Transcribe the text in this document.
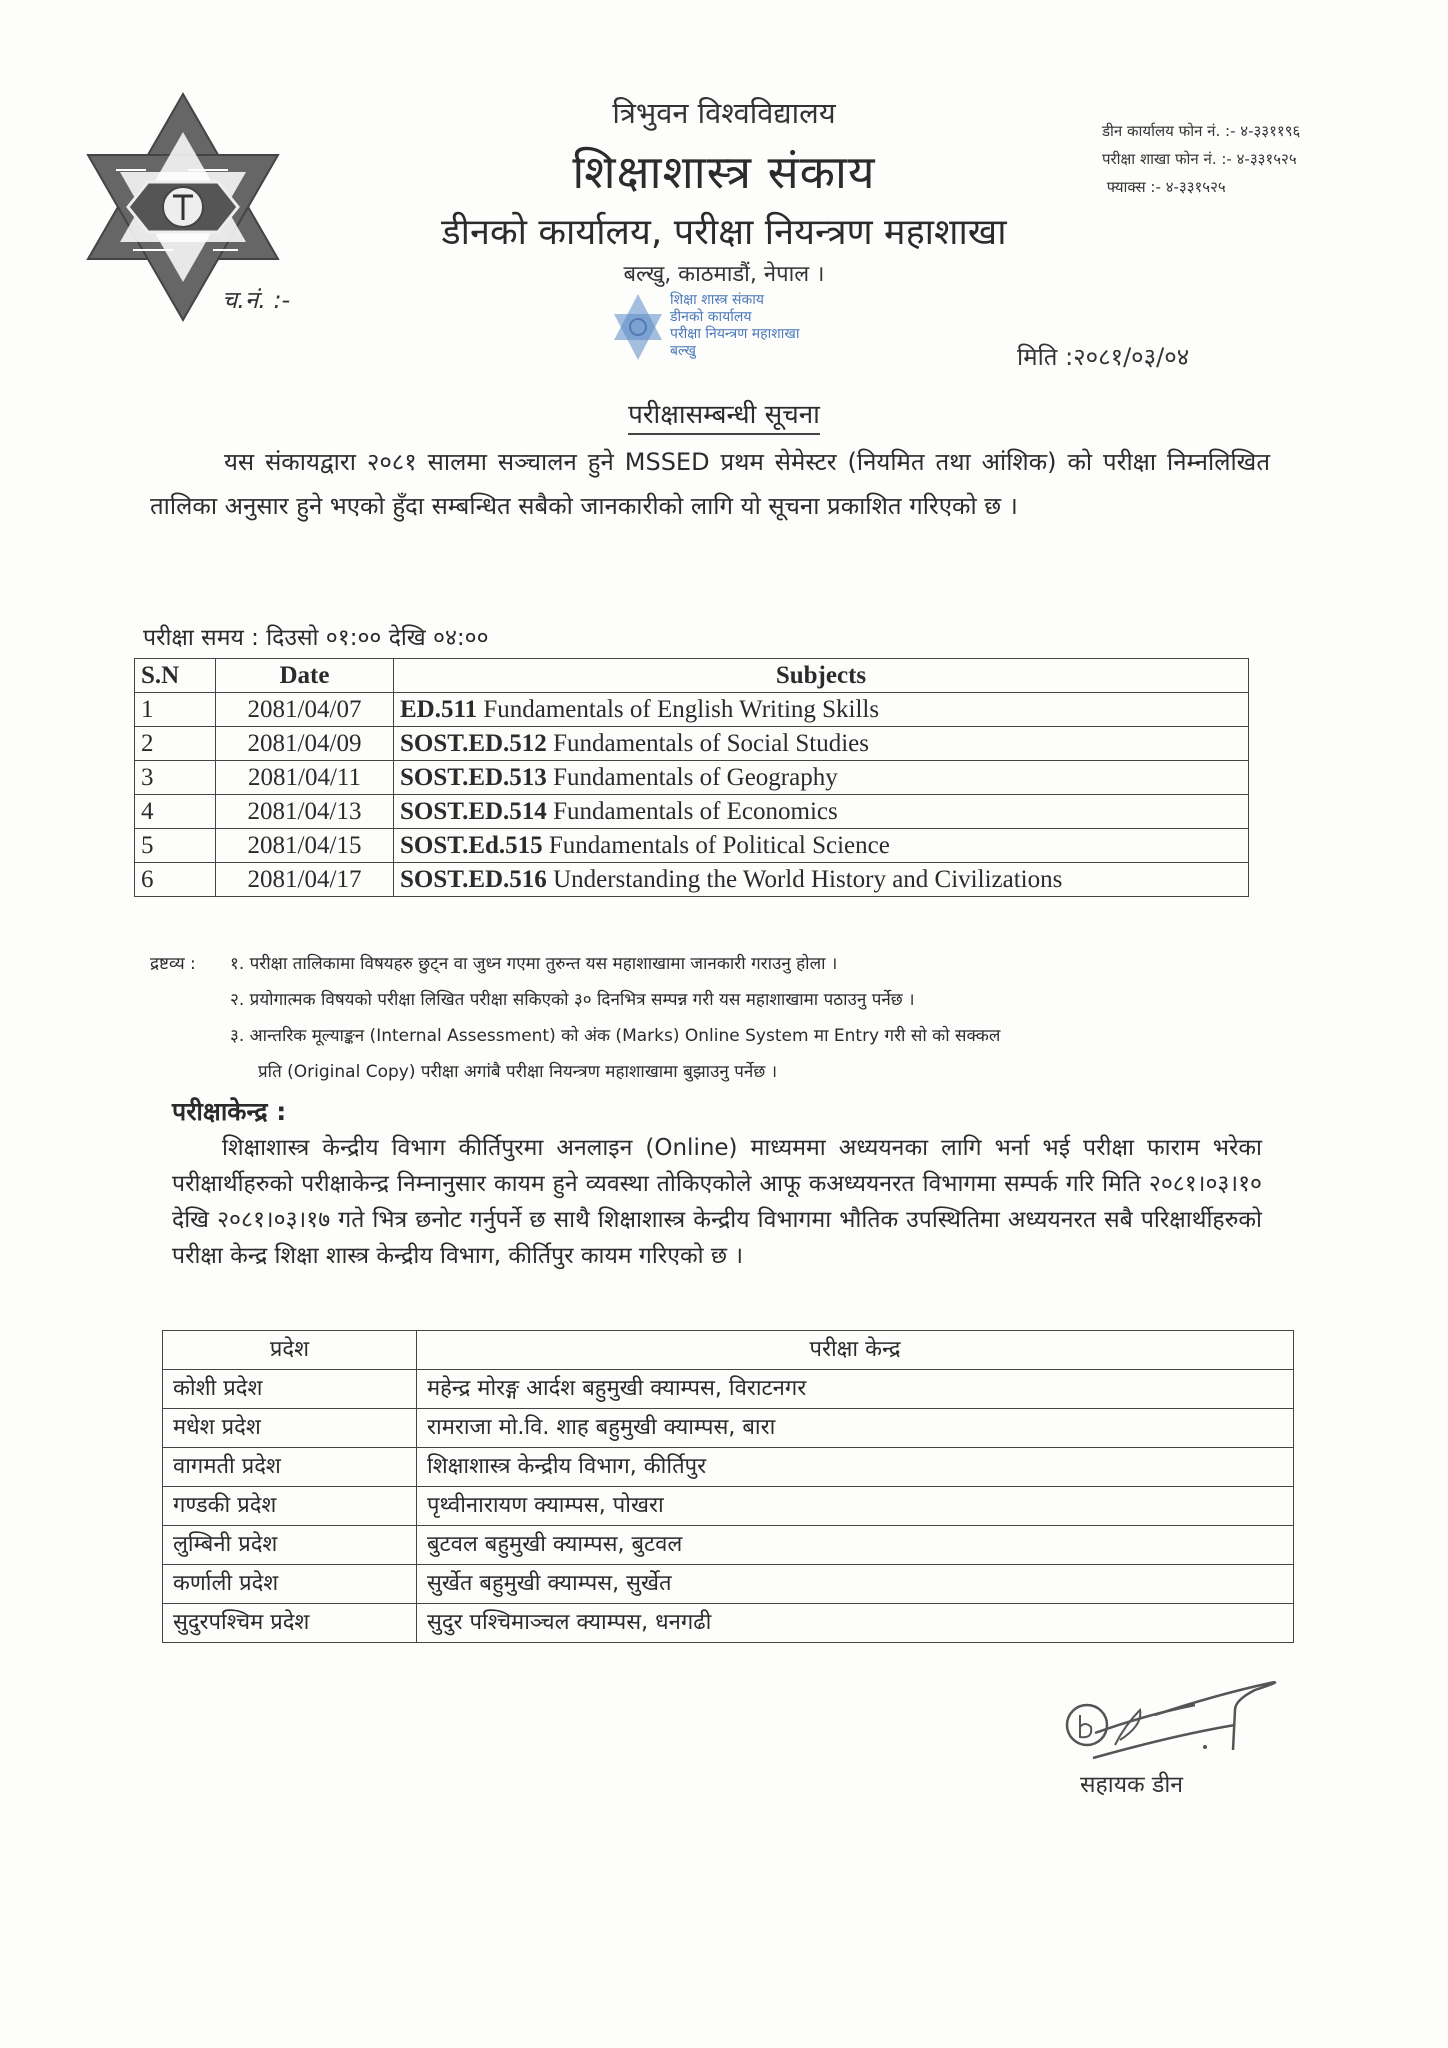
च.नं. :-
त्रिभुवन विश्वविद्यालय
शिक्षाशास्त्र संकाय
डीनको कार्यालय, परीक्षा नियन्त्रण महाशाखा
बल्खु, काठमाडौं, नेपाल ।
डीन कार्यालय फोन नं. :- ४-३३११९६
परीक्षा शाखा फोन नं. :- ४-३३१५२५
फ्याक्स :- ४-३३१५२५
शिक्षा शास्त्र संकाय
डीनको कार्यालय
परीक्षा नियन्त्रण महाशाखा
बल्खु	मिति :२०८१/०३/०४
परीक्षासम्बन्धी सूचना
यस संकायद्वारा २०८१ सालमा सञ्चालन हुने MSSED प्रथम सेमेस्टर (नियमित तथा आंशिक) को परीक्षा निम्नलिखित तालिका अनुसार हुने भएको हुँदा सम्बन्धित सबैको जानकारीको लागि यो सूचना प्रकाशित गरिएको छ ।
परीक्षा समय : दिउसो ०१:०० देखि ०४:००
S.N	Date	Subjects
1	2081/04/07	ED.511 Fundamentals of English Writing Skills
2	2081/04/09	SOST.ED.512 Fundamentals of Social Studies
3	2081/04/11	SOST.ED.513 Fundamentals of Geography
4	2081/04/13	SOST.ED.514 Fundamentals of Economics
5	2081/04/15	SOST.Ed.515 Fundamentals of Political Science
6	2081/04/17	SOST.ED.516 Understanding the World History and Civilizations
द्रष्टव्य :	१. परीक्षा तालिकामा विषयहरु छुट्न वा जुध्न गएमा तुरुन्त यस महाशाखामा जानकारी गराउनु होला ।
२. प्रयोगात्मक विषयको परीक्षा लिखित परीक्षा सकिएको ३० दिनभित्र सम्पन्न गरी यस महाशाखामा पठाउनु पर्नेछ ।
३. आन्तरिक मूल्याङ्कन (Internal Assessment) को अंक (Marks) Online System मा Entry गरी सो को सक्कल
प्रति (Original Copy) परीक्षा अगांबै परीक्षा नियन्त्रण महाशाखामा बुझाउनु पर्नेछ ।
परीक्षाकेन्द्र :
शिक्षाशास्त्र केन्द्रीय विभाग कीर्तिपुरमा अनलाइन (Online) माध्यममा अध्ययनका लागि भर्ना भई परीक्षा फाराम भरेका परीक्षार्थीहरुको परीक्षाकेन्द्र निम्नानुसार कायम हुने व्यवस्था तोकिएकोले आफू कअध्ययनरत विभागमा सम्पर्क गरि मिति २०८१।०३।१० देखि २०८१।०३।१७ गते भित्र छनोट गर्नुपर्ने छ साथै शिक्षाशास्त्र केन्द्रीय विभागमा भौतिक उपस्थितिमा अध्ययनरत सबै परिक्षार्थीहरुको परीक्षा केन्द्र शिक्षा शास्त्र केन्द्रीय विभाग, कीर्तिपुर कायम गरिएको छ ।
प्रदेश	परीक्षा केन्द्र
कोशी प्रदेश	महेन्द्र मोरङ्ग आर्दश बहुमुखी क्याम्पस, विराटनगर
मधेश प्रदेश	रामराजा मो.वि. शाह बहुमुखी क्याम्पस, बारा
वागमती प्रदेश	शिक्षाशास्त्र केन्द्रीय विभाग, कीर्तिपुर
गण्डकी प्रदेश	पृथ्वीनारायण क्याम्पस, पोखरा
लुम्बिनी प्रदेश	बुटवल बहुमुखी क्याम्पस, बुटवल
कर्णाली प्रदेश	सुर्खेत बहुमुखी क्याम्पस, सुर्खेत
सुदुरपश्चिम प्रदेश	सुदुर पश्चिमाञ्चल क्याम्पस, धनगढी
सहायक डीन
